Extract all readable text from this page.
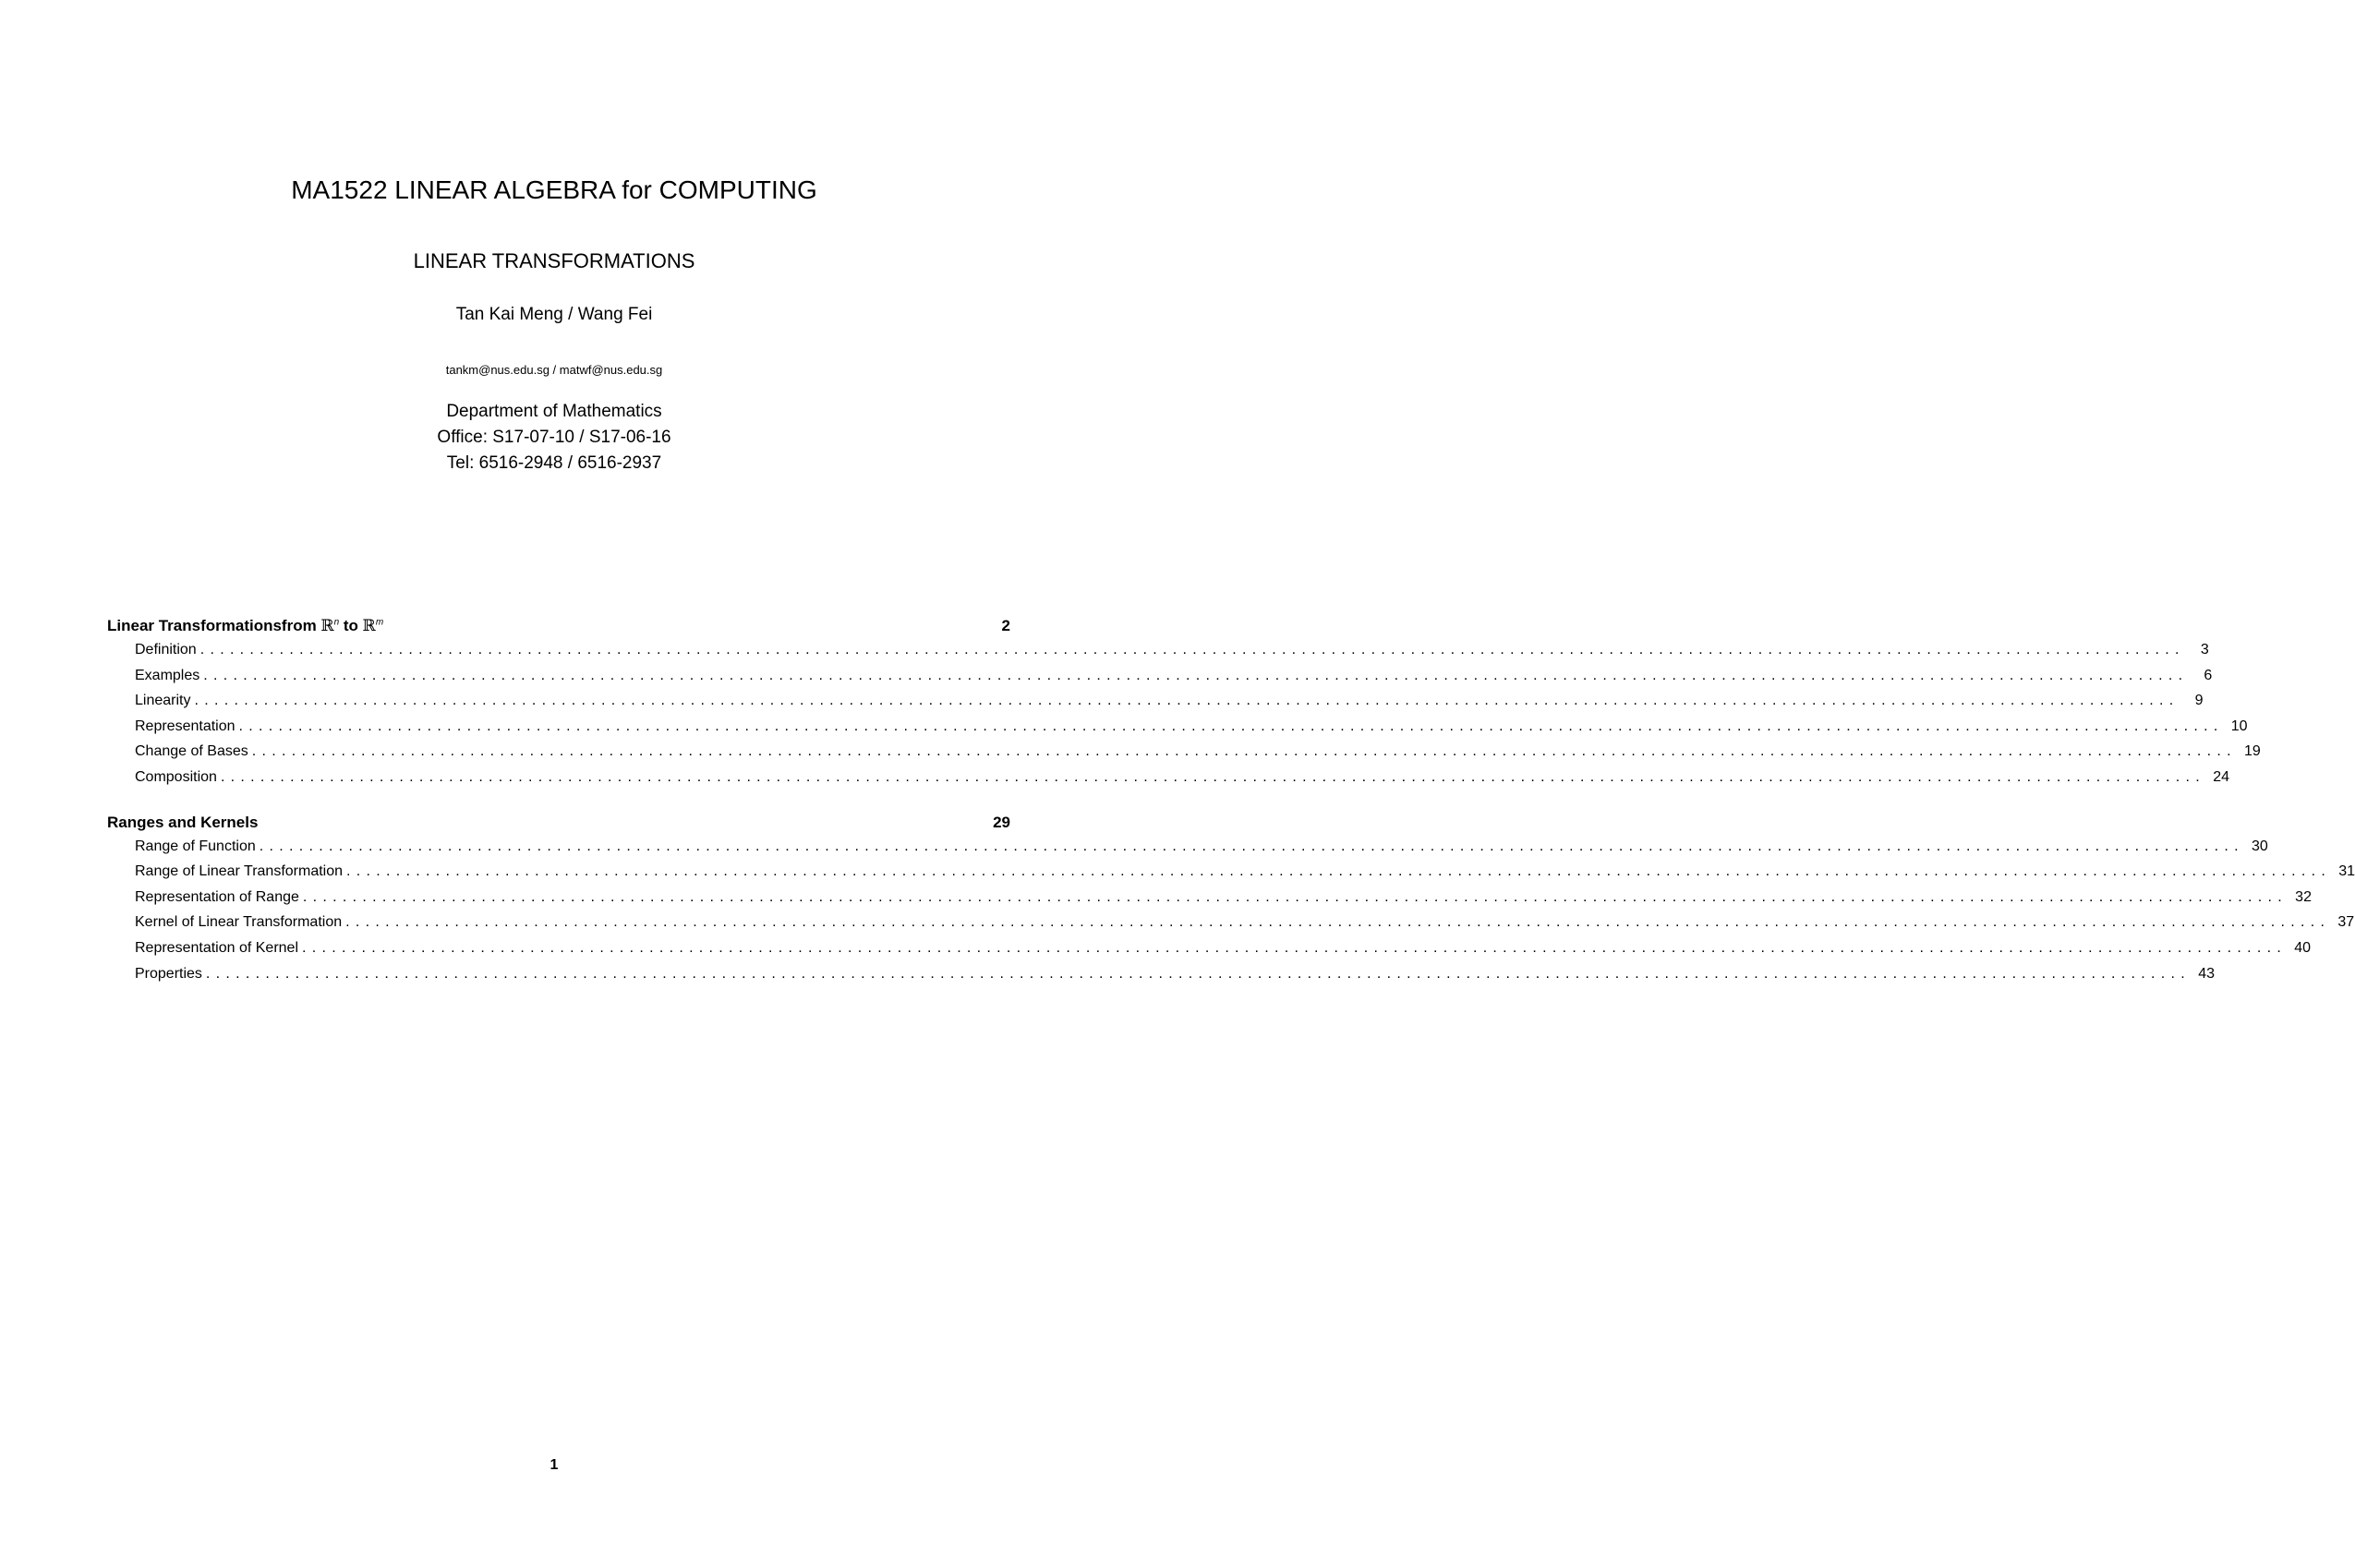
MA1522 LINEAR ALGEBRA for COMPUTING
LINEAR TRANSFORMATIONS
Tan Kai Meng / Wang Fei
tankm@nus.edu.sg / matwf@nus.edu.sg
Department of Mathematics
Office: S17-07-10 / S17-06-16
Tel: 6516-2948 / 6516-2937
Linear Transformationsfrom ℝ$^n$ to ℝ$^m$	2
Definition ........................................................................................................................................................................................................	3
Examples ........................................................................................................................................................................................................	6
Linearity ........................................................................................................................................................................................................	9
Representation ........................................................................................................................................................................................................ 10
Change of Bases ........................................................................................................................................................................................................ 19
Composition ........................................................................................................................................................................................................ 24
Ranges and Kernels	29
Range of Function ........................................................................................................................................................................................................ 30
Range of Linear Transformation ........................................................................................................................................................................................................ 31
Representation of Range ........................................................................................................................................................................................................ 32
Kernel of Linear Transformation ........................................................................................................................................................................................................ 37
Representation of Kernel ........................................................................................................................................................................................................ 40
Properties ........................................................................................................................................................................................................ 43
1
